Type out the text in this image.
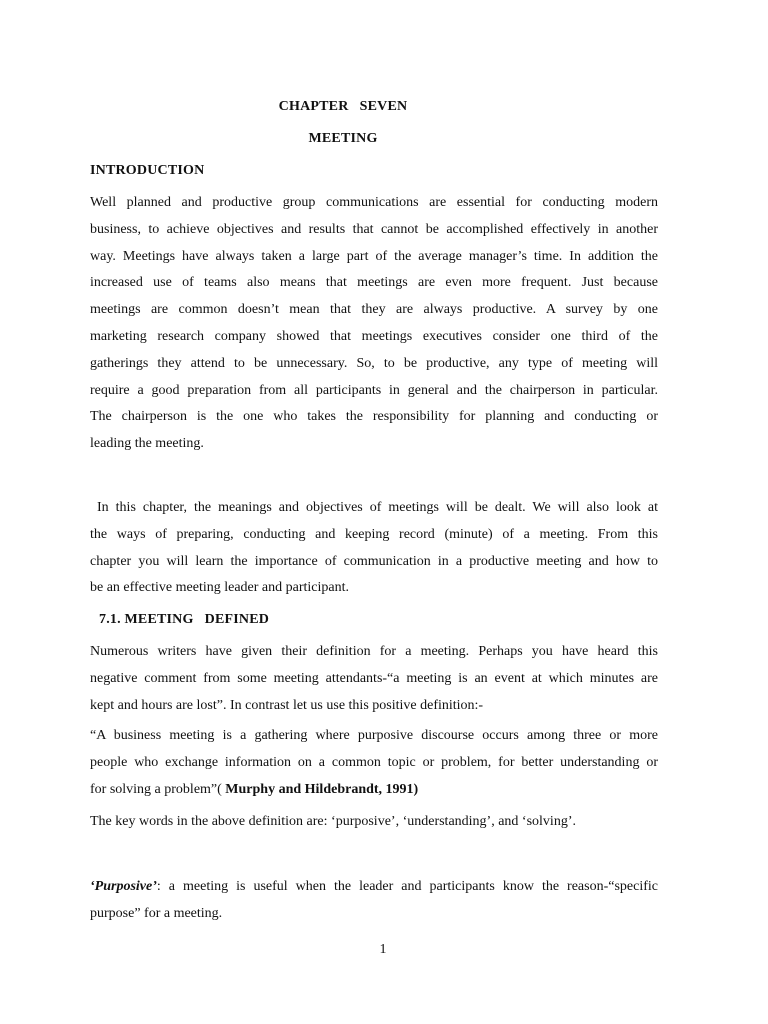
CHAPTER   SEVEN
MEETING
INTRODUCTION
Well planned and productive group communications are essential for conducting modern
business, to achieve objectives and results that cannot be accomplished effectively in another
way. Meetings have always taken a large part of the average manager’s time. In addition the
increased use of teams also means that meetings are even more frequent. Just because
meetings are common doesn’t mean that they are always productive. A survey by one
marketing research company showed that meetings executives consider one third of the
gatherings they attend to be unnecessary. So, to be productive, any type of meeting will
require a good preparation from all participants in general and the chairperson in particular.
The chairperson is the one who takes the responsibility for planning and conducting or
leading the meeting.
In this chapter, the meanings and objectives of meetings will be dealt. We will also look at
the ways of preparing, conducting and keeping record (minute) of a meeting. From this
chapter you will learn the importance of communication in a productive meeting and how to
be an effective meeting leader and participant.
7.1. MEETING   DEFINED
Numerous writers have given their definition for a meeting. Perhaps you have heard this
negative comment from some meeting attendants-“a meeting is an event at which minutes are
kept and hours are lost”. In contrast let us use this positive definition:-
“A business meeting is a gathering where purposive discourse occurs among three or more
people who exchange information on a common topic or problem, for better understanding or
for solving a problem”( Murphy and Hildebrandt, 1991)
The key words in the above definition are: ‘purposive’, ‘understanding’, and ‘solving’.
‘Purposive’: a meeting is useful when the leader and participants know the reason-“specific
purpose” for a meeting.
1
